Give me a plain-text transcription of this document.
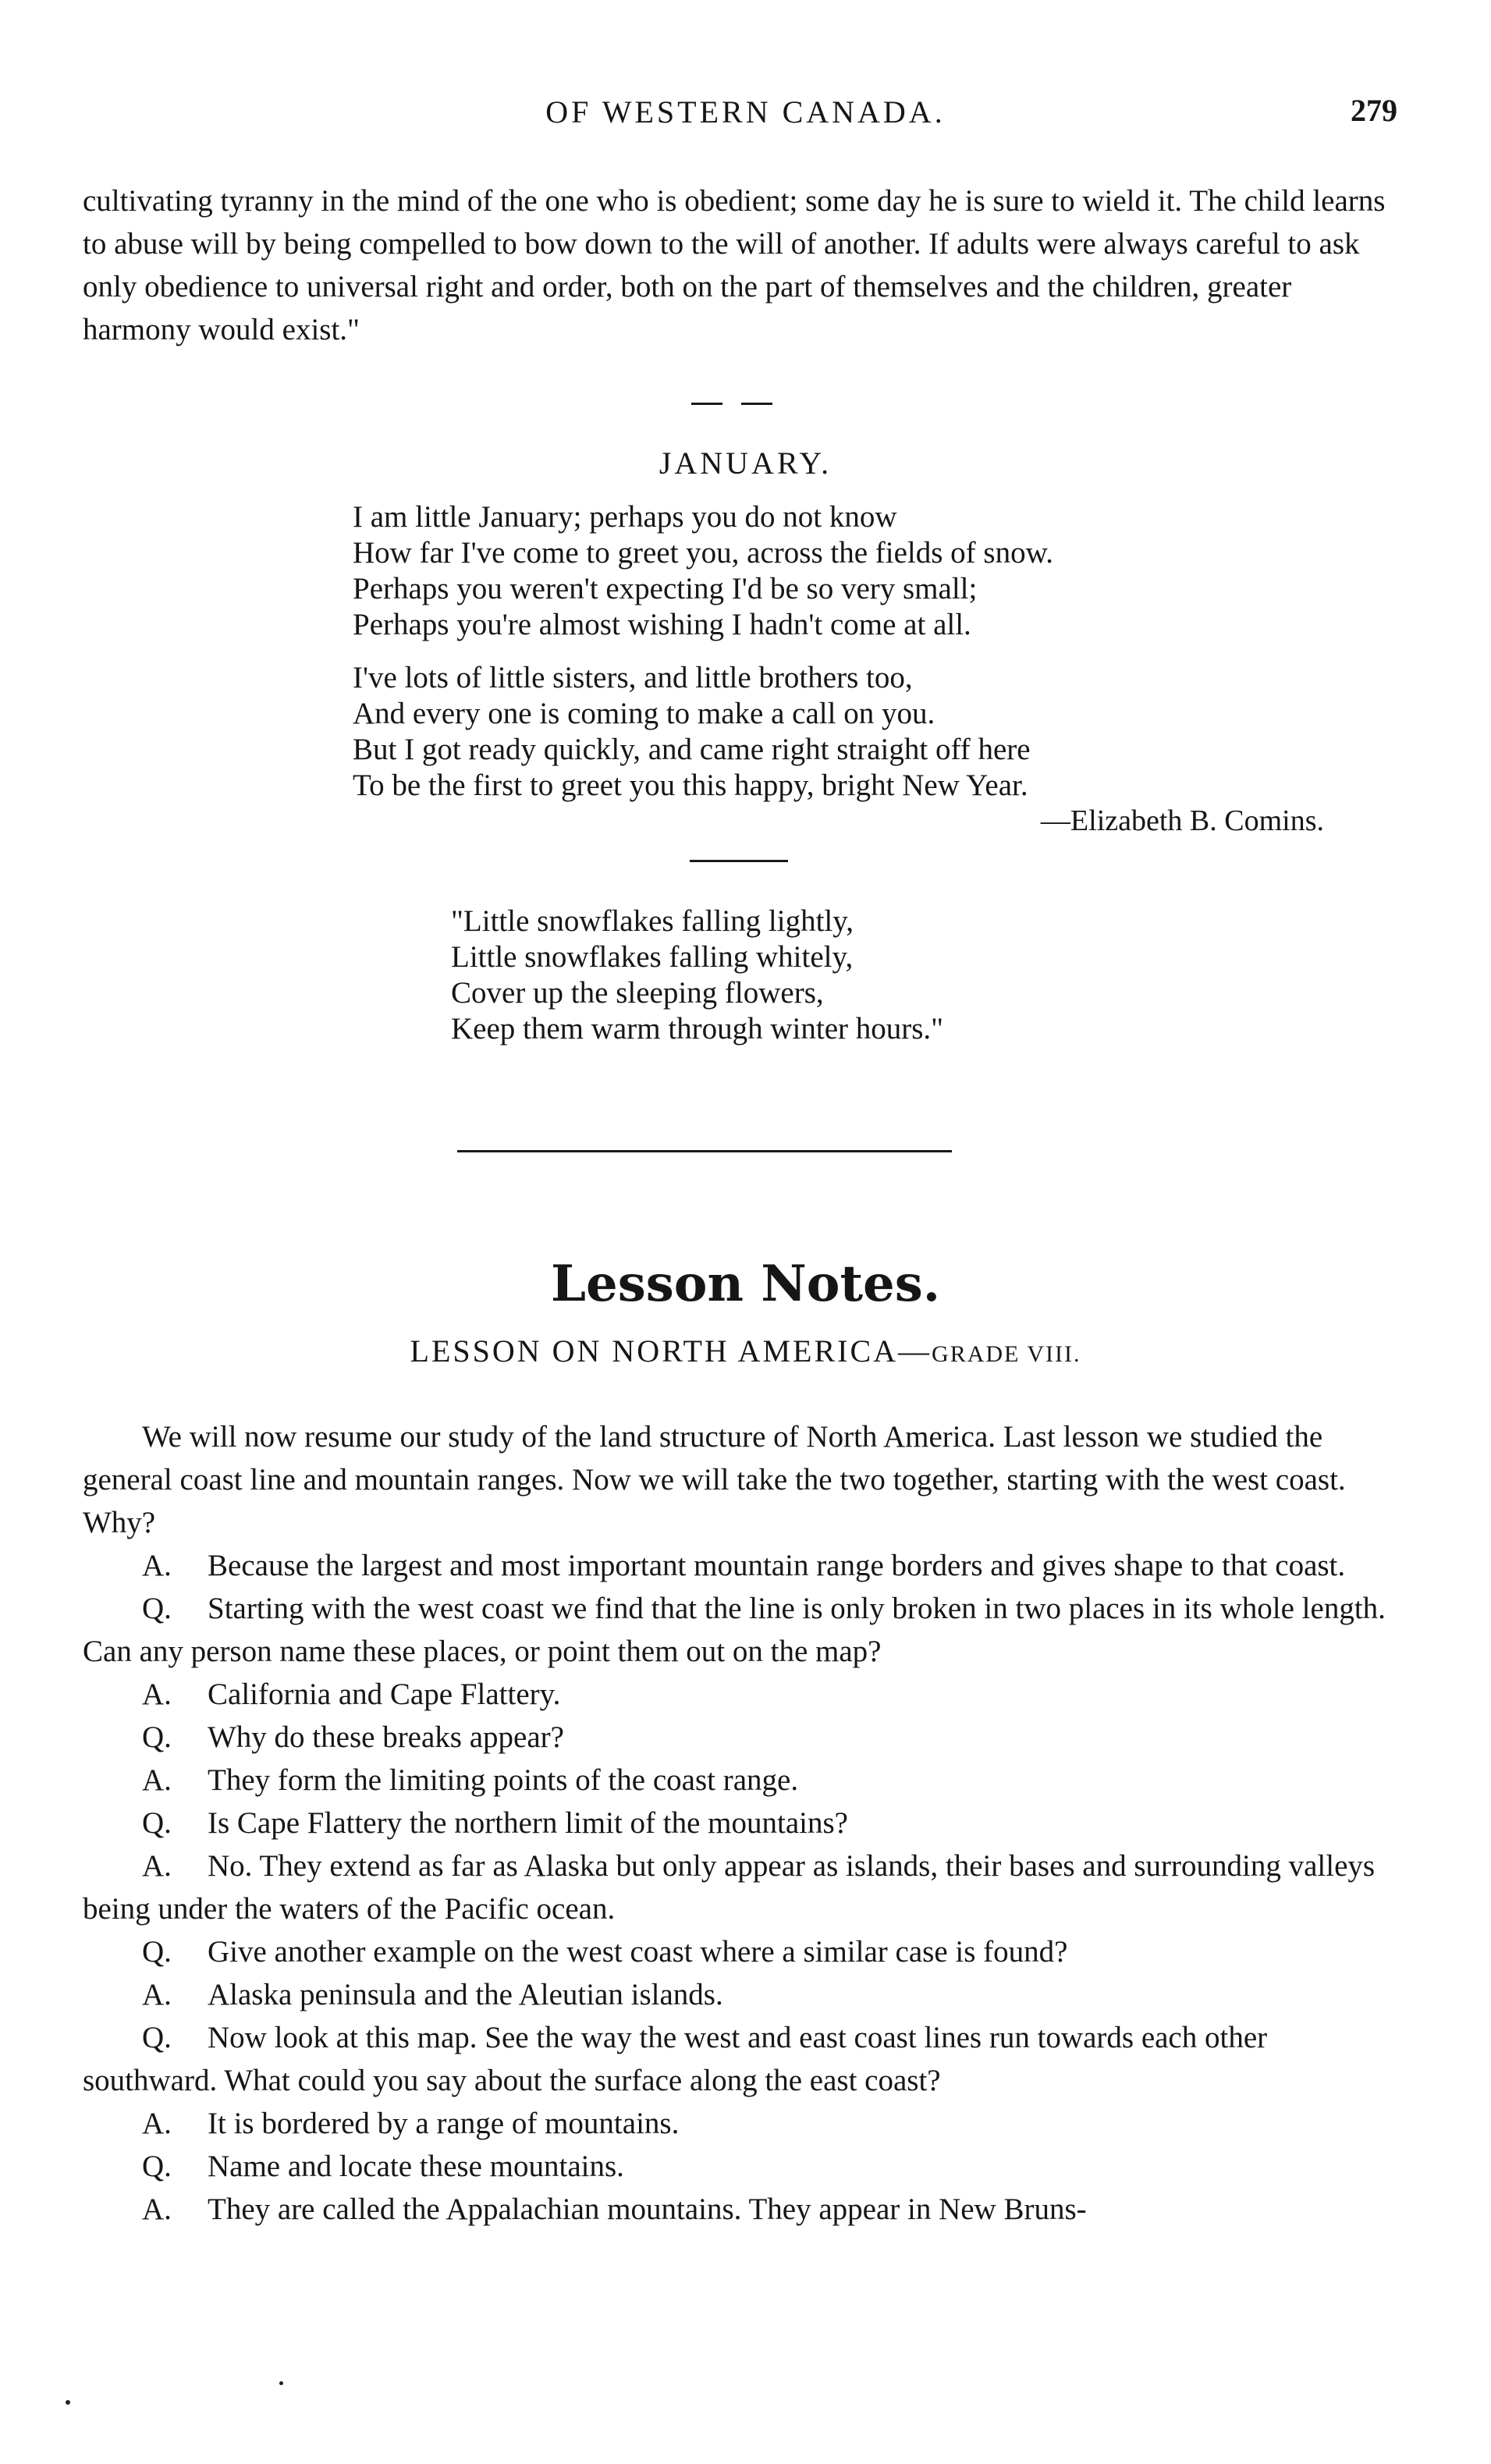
OF WESTERN CANADA.	279
cultivating tyranny in the mind of the one who is obedient; some day he is sure to wield it. The child learns to abuse will by being compelled to bow down to the will of another. If adults were always careful to ask only obedience to universal right and order, both on the part of themselves and the children, greater harmony would exist."
JANUARY.
I am little January; perhaps you do not know
How far I've come to greet you, across the fields of snow.
Perhaps you weren't expecting I'd be so very small;
Perhaps you're almost wishing I hadn't come at all.
I've lots of little sisters, and little brothers too,
And every one is coming to make a call on you.
But I got ready quickly, and came right straight off here
To be the first to greet you this happy, bright New Year.
—Elizabeth B. Comins.
"Little snowflakes falling lightly,
Little snowflakes falling whitely,
Cover up the sleeping flowers,
Keep them warm through winter hours."
Lesson Notes.
LESSON ON NORTH AMERICA—GRADE VIII.

We will now resume our study of the land structure of North America. Last lesson we studied the general coast line and mountain ranges. Now we will take the two together, starting with the west coast. Why?

A. Because the largest and most important mountain range borders and gives shape to that coast.

Q. Starting with the west coast we find that the line is only broken in two places in its whole length. Can any person name these places, or point them out on the map?

A. California and Cape Flattery.

Q. Why do these breaks appear?

A. They form the limiting points of the coast range.

Q. Is Cape Flattery the northern limit of the mountains?

A. No. They extend as far as Alaska but only appear as islands, their bases and surrounding valleys being under the waters of the Pacific ocean.

Q. Give another example on the west coast where a similar case is found?

A. Alaska peninsula and the Aleutian islands.

Q. Now look at this map. See the way the west and east coast lines run towards each other southward. What could you say about the surface along the east coast?

A. It is bordered by a range of mountains.

Q. Name and locate these mountains.

A. They are called the Appalachian mountains. They appear in New Bruns-
